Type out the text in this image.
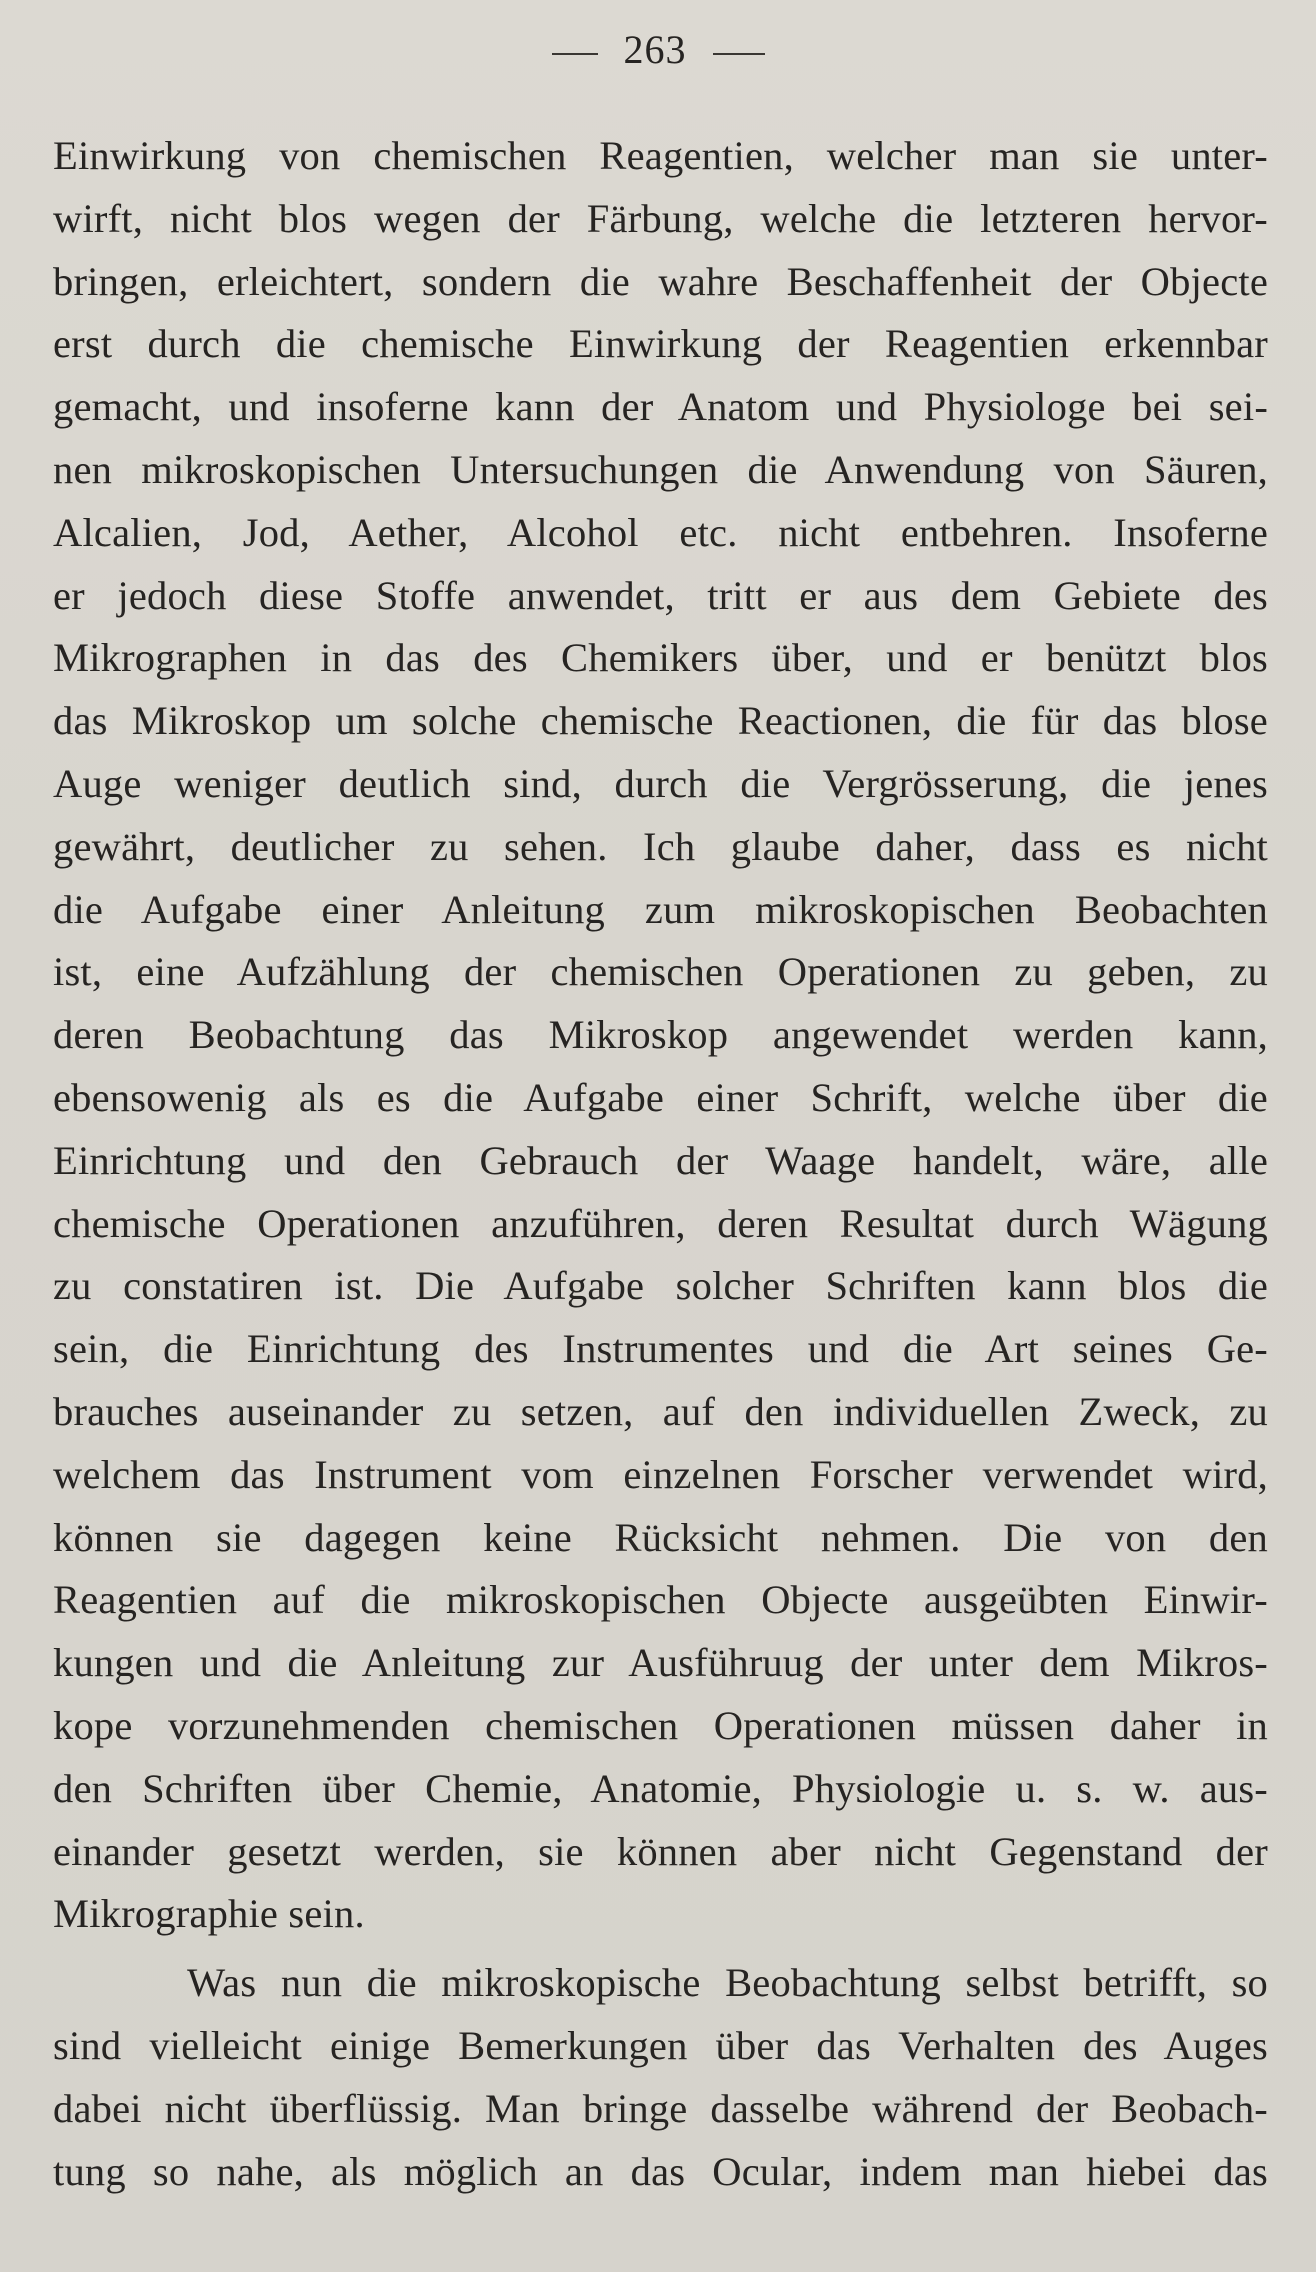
263
Einwirkung von chemischen Reagentien, welcher man sie unter-
wirft, nicht blos wegen der Färbung, welche die letzteren hervor-
bringen, erleichtert, sondern die wahre Beschaffenheit der Objecte
erst durch die chemische Einwirkung der Reagentien erkennbar
gemacht, und insoferne kann der Anatom und Physiologe bei sei-
nen mikroskopischen Untersuchungen die Anwendung von Säuren,
Alcalien, Jod, Aether, Alcohol etc. nicht entbehren. Insoferne
er jedoch diese Stoffe anwendet, tritt er aus dem Gebiete des
Mikrographen in das des Chemikers über, und er benützt blos
das Mikroskop um solche chemische Reactionen, die für das blose
Auge weniger deutlich sind, durch die Vergrösserung, die jenes
gewährt, deutlicher zu sehen. Ich glaube daher, dass es nicht
die Aufgabe einer Anleitung zum mikroskopischen Beobachten
ist, eine Aufzählung der chemischen Operationen zu geben, zu
deren Beobachtung das Mikroskop angewendet werden kann,
ebensowenig als es die Aufgabe einer Schrift, welche über die
Einrichtung und den Gebrauch der Waage handelt, wäre, alle
chemische Operationen anzuführen, deren Resultat durch Wägung
zu constatiren ist. Die Aufgabe solcher Schriften kann blos die
sein, die Einrichtung des Instrumentes und die Art seines Ge-
brauches auseinander zu setzen, auf den individuellen Zweck, zu
welchem das Instrument vom einzelnen Forscher verwendet wird,
können sie dagegen keine Rücksicht nehmen. Die von den
Reagentien auf die mikroskopischen Objecte ausgeübten Einwir-
kungen und die Anleitung zur Ausführuug der unter dem Mikros-
kope vorzunehmenden chemischen Operationen müssen daher in
den Schriften über Chemie, Anatomie, Physiologie u. s. w. aus-
einander gesetzt werden, sie können aber nicht Gegenstand der
Mikrographie sein.
Was nun die mikroskopische Beobachtung selbst betrifft, so
sind vielleicht einige Bemerkungen über das Verhalten des Auges
dabei nicht überflüssig. Man bringe dasselbe während der Beobach-
tung so nahe, als möglich an das Ocular, indem man hiebei das
